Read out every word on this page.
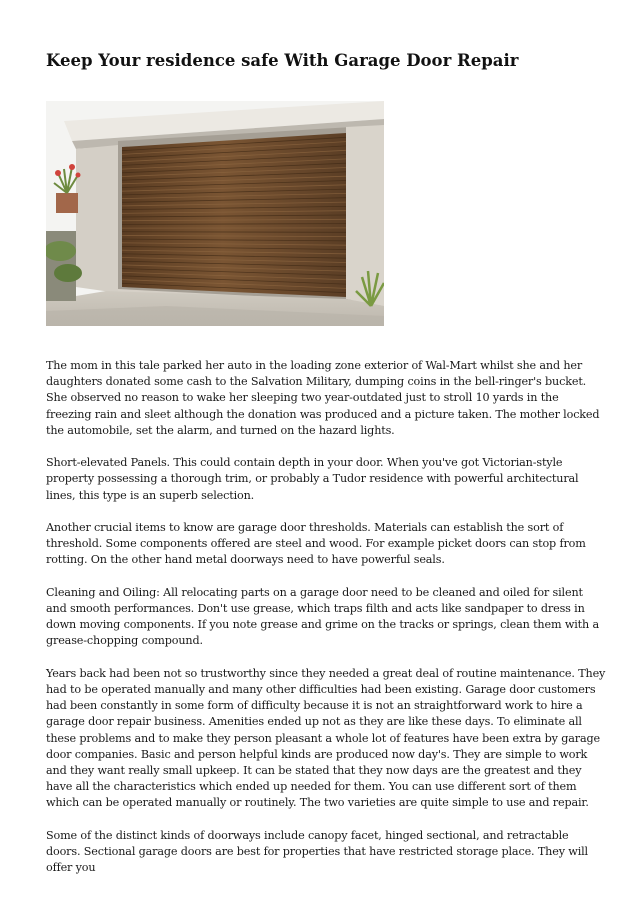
Keep Your residence safe With Garage Door Repair

The mom in this tale parked her auto in the loading zone exterior of Wal-Mart whilst she and her daughters donated some cash to the Salvation Military, dumping coins in the bell-ringer's bucket. She observed no reason to wake her sleeping two year-outdated just to stroll 10 yards in the freezing rain and sleet although the donation was produced and a picture taken. The mother locked the automobile, set the alarm, and turned on the hazard lights.

Short-elevated Panels. This could contain depth in your door. When you've got Victorian-style property possessing a thorough trim, or probably a Tudor residence with powerful architectural lines, this type is an superb selection.

Another crucial items to know are garage door thresholds. Materials can establish the sort of threshold. Some components offered are steel and wood. For example picket doors can stop from rotting. On the other hand metal doorways need to have powerful seals.

Cleaning and Oiling: All relocating parts on a garage door need to be cleaned and oiled for silent and smooth performances. Don't use grease, which traps filth and acts like sandpaper to dress in down moving components. If you note grease and grime on the tracks or springs, clean them with a grease-chopping compound.

Years back had been not so trustworthy since they needed a great deal of routine maintenance. They had to be operated manually and many other difficulties had been existing. Garage door customers had been constantly in some form of difficulty because it is not an straightforward work to hire a garage door repair business. Amenities ended up not as they are like these days. To eliminate all these problems and to make they person pleasant a whole lot of features have been extra by garage door companies. Basic and person helpful kinds are produced now day's. They are simple to work and they want really small upkeep. It can be stated that they now days are the greatest and they have all the characteristics which ended up needed for them. You can use different sort of them which can be operated manually or routinely. The two varieties are quite simple to use and repair.

Some of the distinct kinds of doorways include canopy facet, hinged sectional, and retractable doors. Sectional garage doors are best for properties that have restricted storage place. They will offer you
